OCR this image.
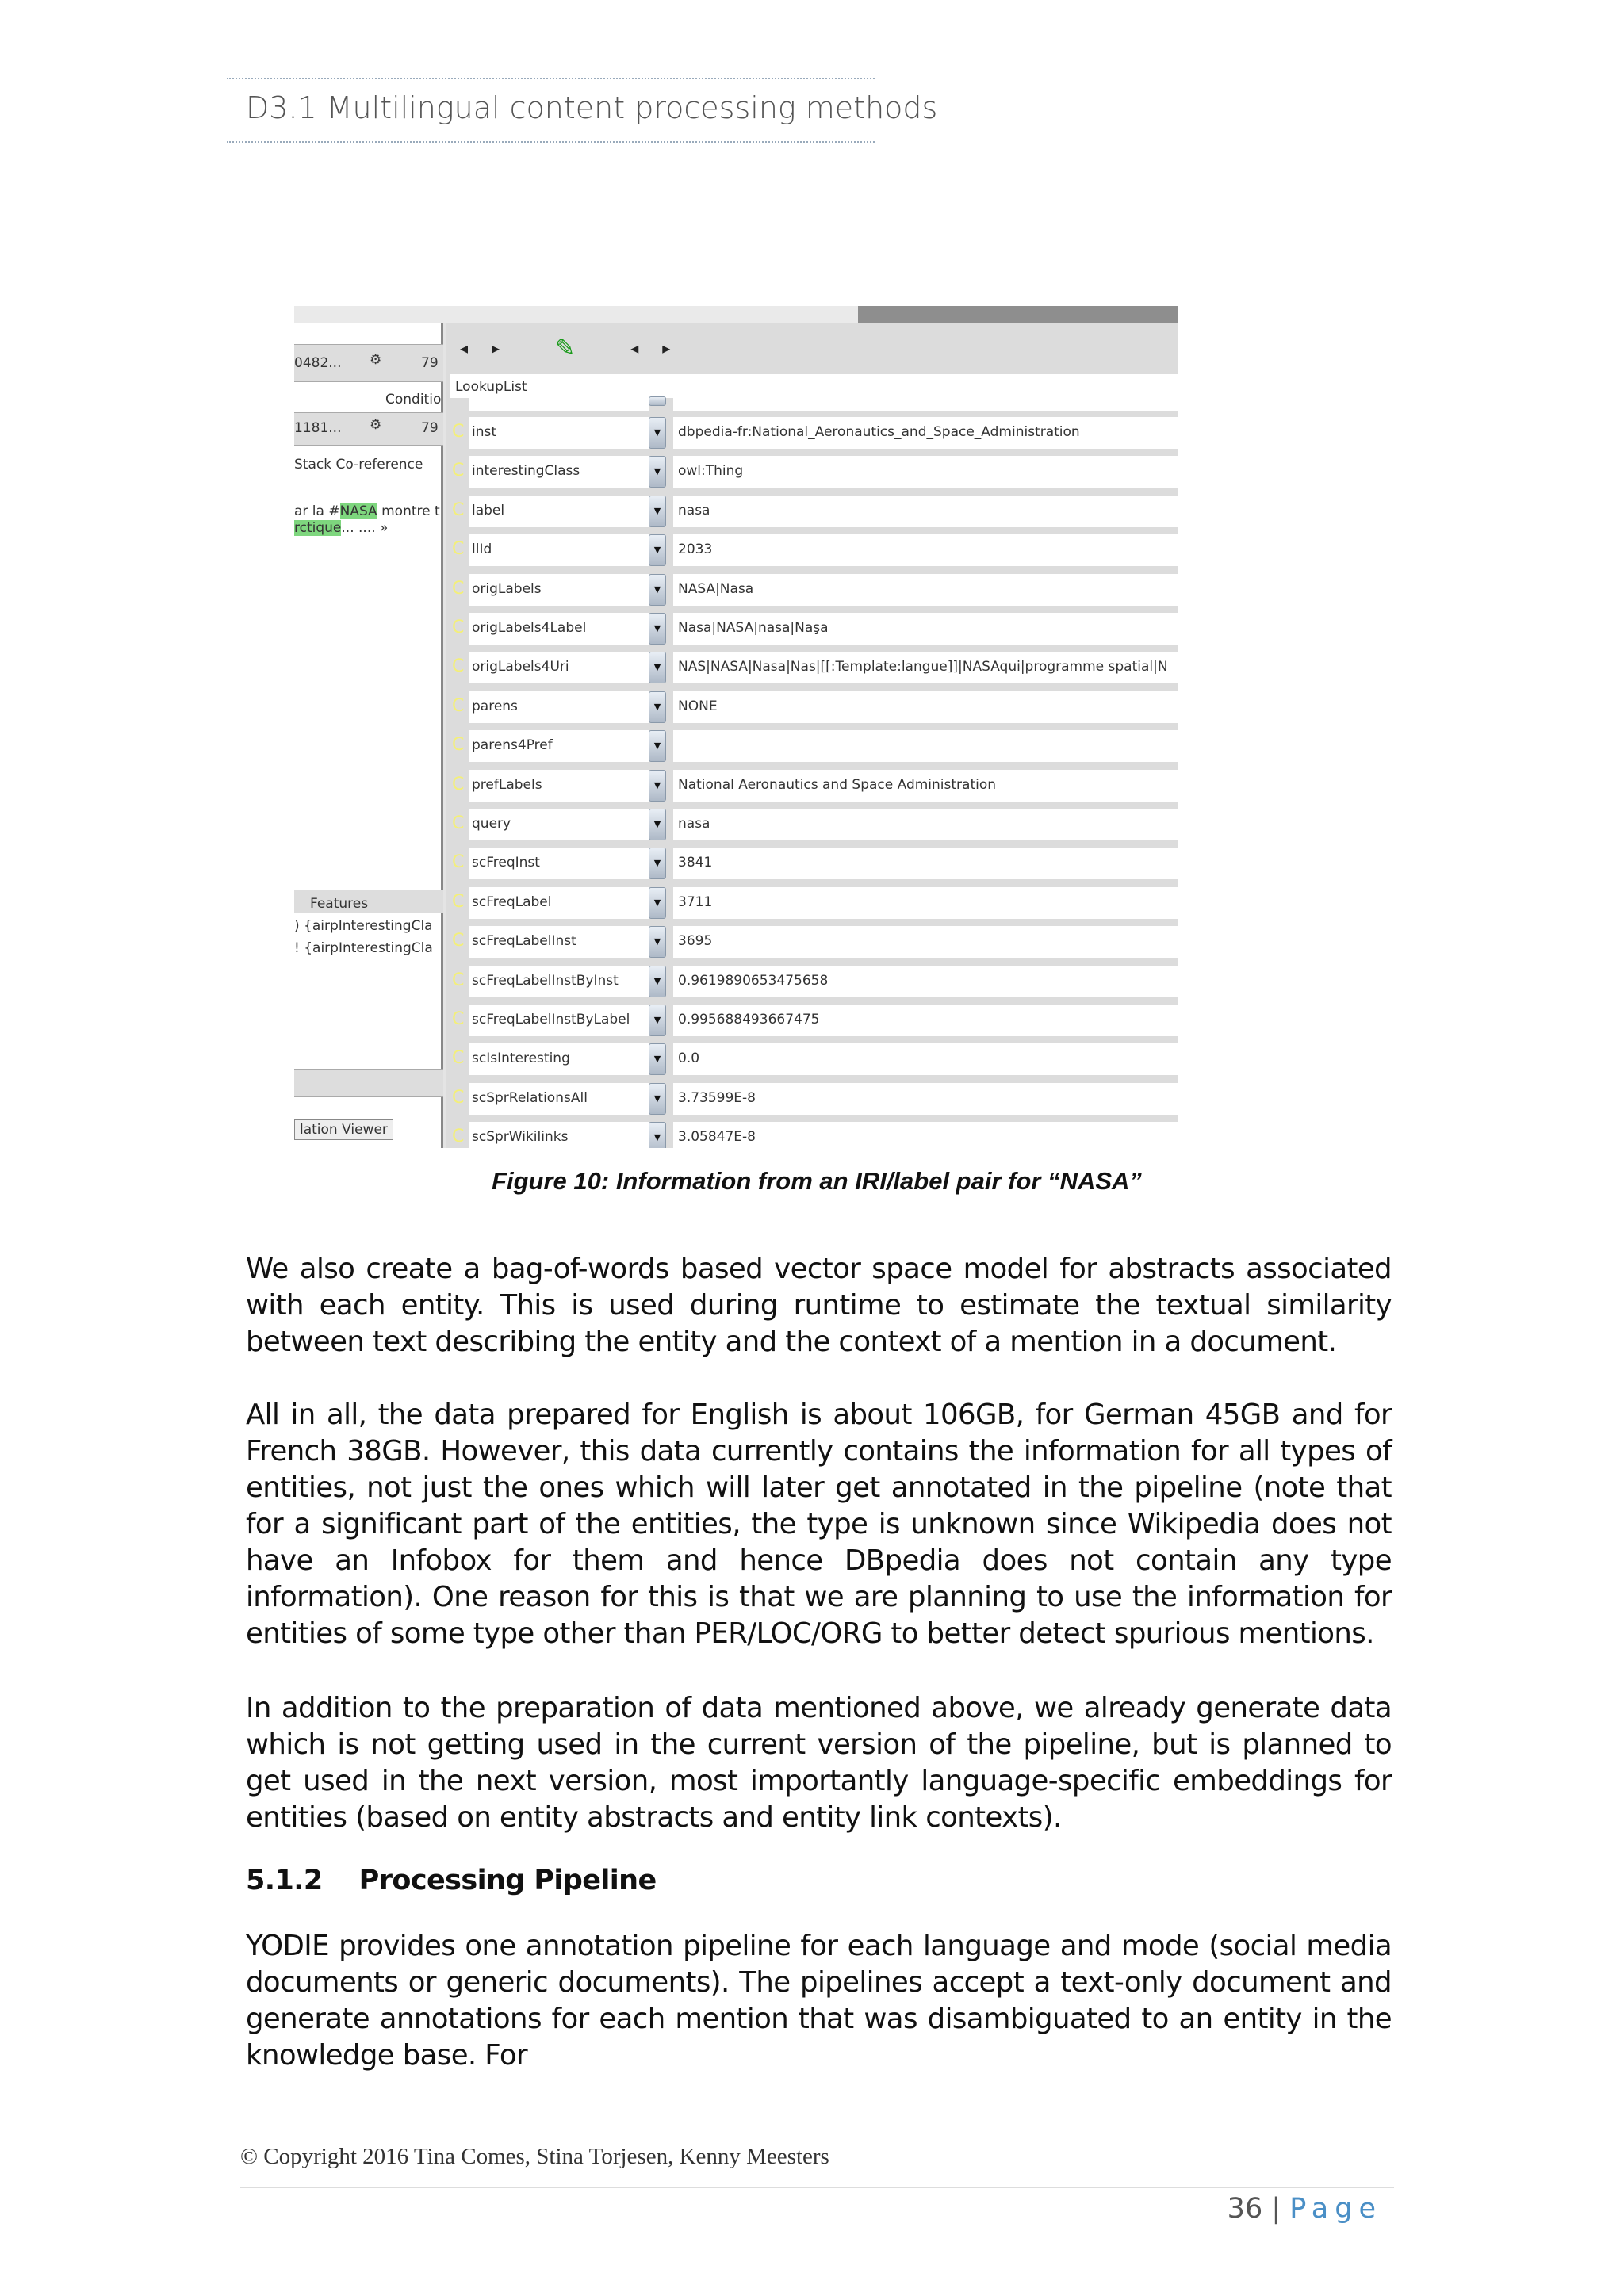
D3.1 Multilingual content processing methods
0482... ⚙	79
Conditio
1181... ⚙	79
Stack Co-reference
ar la #NASA montre t
rctique... .... »
Features
) {airpInterestingCla
! {airpInterestingCla
lation Viewer
◂ ▸ ✎	◂ ▸
LookupList
C inst	▼	dbpedia-fr:National_Aeronautics_and_Space_Administration
C interestingClass	▼	owl:Thing
C label	▼	nasa
C llId	▼	2033
C origLabels	▼	NASA|Nasa
C origLabels4Label	▼	Nasa|NASA|nasa|Naşa
C origLabels4Uri	▼	NAS|NASA|Nasa|Nas|[[:Template:langue]]|NASAqui|programme spatial|N
C parens	▼	NONE
C parens4Pref	▼
C prefLabels	▼	National Aeronautics and Space Administration
C query	▼	nasa
C scFreqInst	▼	3841
C scFreqLabel	▼	3711
C scFreqLabelInst	▼	3695
C scFreqLabelInstByInst	▼	0.9619890653475658
C scFreqLabelInstByLabel	▼	0.995688493667475
C scIsInteresting	▼	0.0
C scSprRelationsAll	▼	3.73599E-8
C scSprWikilinks	▼	3.05847E-8
Figure 10: Information from an IRI/label pair for “NASA”

We also create a bag-of-words based vector space model for abstracts associated with each entity. This is used during runtime to estimate the textual similarity between text describing the entity and the context of a mention in a document.

All in all, the data prepared for English is about 106GB, for German 45GB and for French 38GB. However, this data currently contains the information for all types of entities, not just the ones which will later get annotated in the pipeline (note that for a significant part of the entities, the type is unknown since Wikipedia does not have an Infobox for them and hence DBpedia does not contain any type information). One reason for this is that we are planning to use the information for entities of some type other than PER/LOC/ORG to better detect spurious mentions.

In addition to the preparation of data mentioned above, we already generate data which is not getting used in the current version of the pipeline, but is planned to get used in the next version, most importantly language-specific embeddings for entities (based on entity abstracts and entity link contexts).

5.1.2 Processing Pipeline

YODIE provides one annotation pipeline for each language and mode (social media documents or generic documents). The pipelines accept a text-only document and generate annotations for each mention that was disambiguated to an entity in the knowledge base. For

© Copyright 2016 Tina Comes, Stina Torjesen, Kenny Meesters
36 | Page
